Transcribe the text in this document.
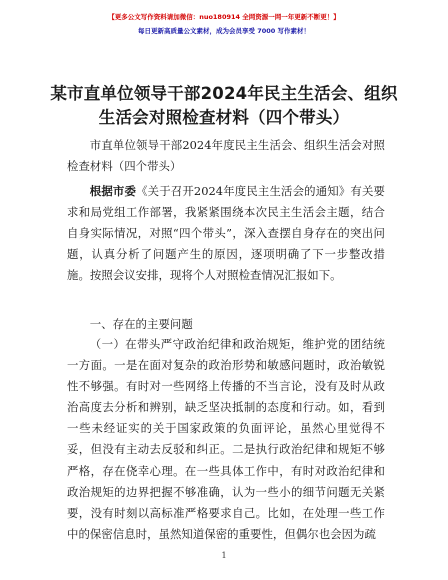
【更多公文写作资料请加微信：nuo180914 全网资源一网一年更新不断更！】
每日更新高质量公文素材，成为会员享受 7000 写作素材！
某市直单位领导干部2024年民主生活会、组织生活会对照检查材料（四个带头）

市直单位领导干部2024年度民主生活会、组织生活会对照检查材料（四个带头）

根据市委《关于召开2024年度民主生活会的通知》有关要求和局党组工作部署，我紧紧围绕本次民主生活会主题，结合自身实际情况，对照“四个带头”，深入查摆自身存在的突出问题，认真分析了问题产生的原因，逐项明确了下一步整改措施。按照会议安排，现将个人对照检查情况汇报如下。

一、存在的主要问题

（一）在带头严守政治纪律和政治规矩，维护党的团结统一方面。一是在面对复杂的政治形势和敏感问题时，政治敏锐性不够强。有时对一些网络上传播的不当言论，没有及时从政治高度去分析和辨别，缺乏坚决抵制的态度和行动。如，看到一些未经证实的关于国家政策的负面评论，虽然心里觉得不妥，但没有主动去反驳和纠正。二是执行政治纪律和规矩不够严格，存在侥幸心理。在一些具体工作中，有时对政治纪律和政治规矩的边界把握不够准确，认为一些小的细节问题无关紧要，没有时刻以高标准严格要求自己。比如，在处理一些工作中的保密信息时，虽然知道保密的重要性，但偶尔也会因为疏

1
